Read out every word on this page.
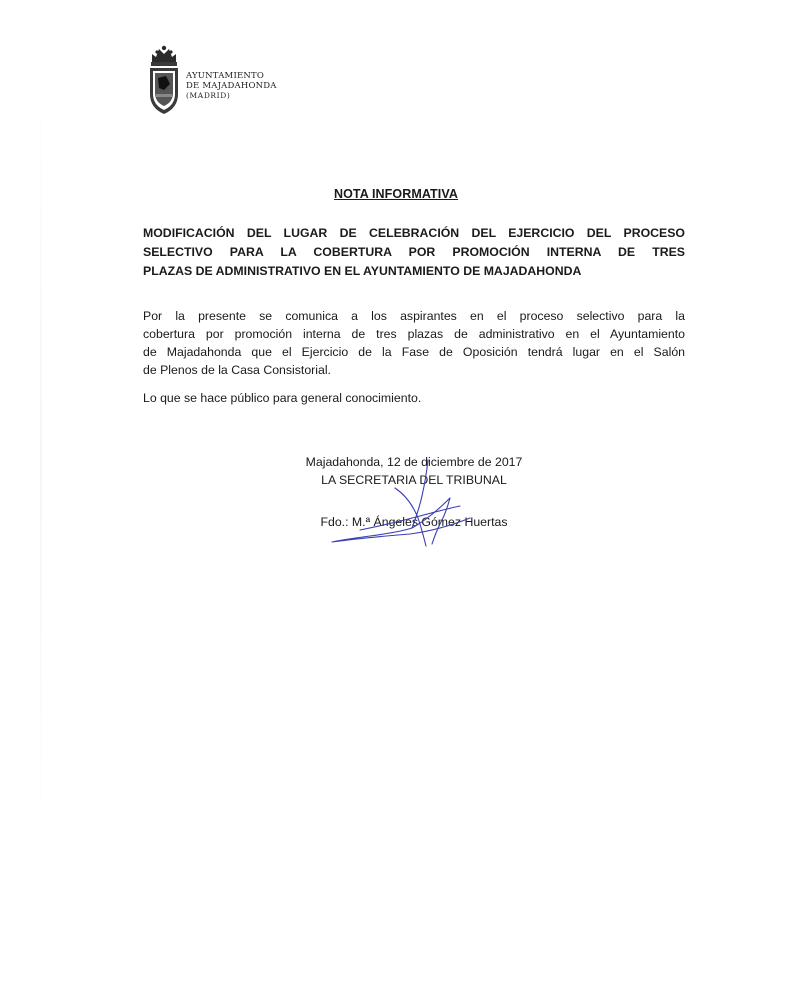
AYUNTAMIENTO
DE MAJADAHONDA
(MADRID)
NOTA INFORMATIVA
MODIFICACIÓN DEL LUGAR DE CELEBRACIÓN DEL EJERCICIO DEL PROCESO
SELECTIVO PARA LA COBERTURA POR PROMOCIÓN INTERNA DE TRES
PLAZAS DE ADMINISTRATIVO EN EL AYUNTAMIENTO DE MAJADAHONDA
Por la presente se comunica a los aspirantes en el proceso selectivo para la
cobertura por promoción interna de tres plazas de administrativo en el Ayuntamiento
de Majadahonda que el Ejercicio de la Fase de Oposición tendrá lugar en el Salón
de Plenos de la Casa Consistorial.
Lo que se hace público para general conocimiento.
Majadahonda, 12 de diciembre de 2017
LA SECRETARIA DEL TRIBUNAL
Fdo.: M.ª Ángeles Gómez Huertas
